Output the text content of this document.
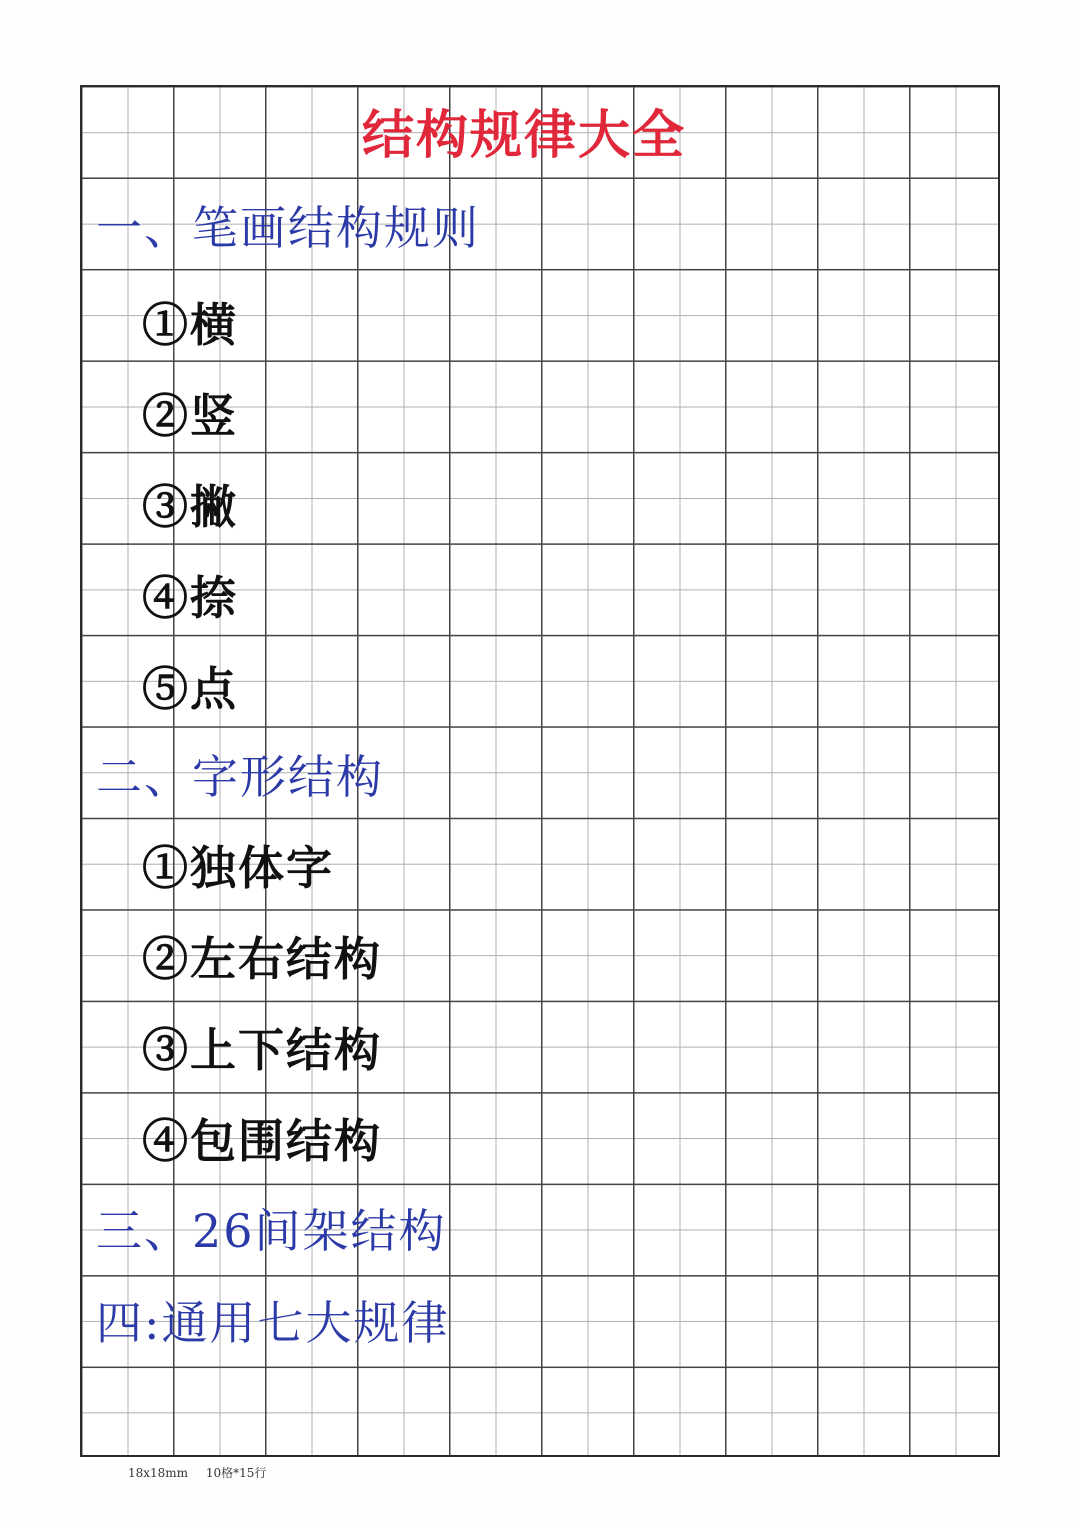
结构规律大全
一、笔画结构规则
①横
②竖
③撇
④捺
⑤点
二、字形结构
①独体字
②左右结构
③上下结构
④包围结构
三、26间架结构
四:通用七大规律
18x18mm 10格*15行
